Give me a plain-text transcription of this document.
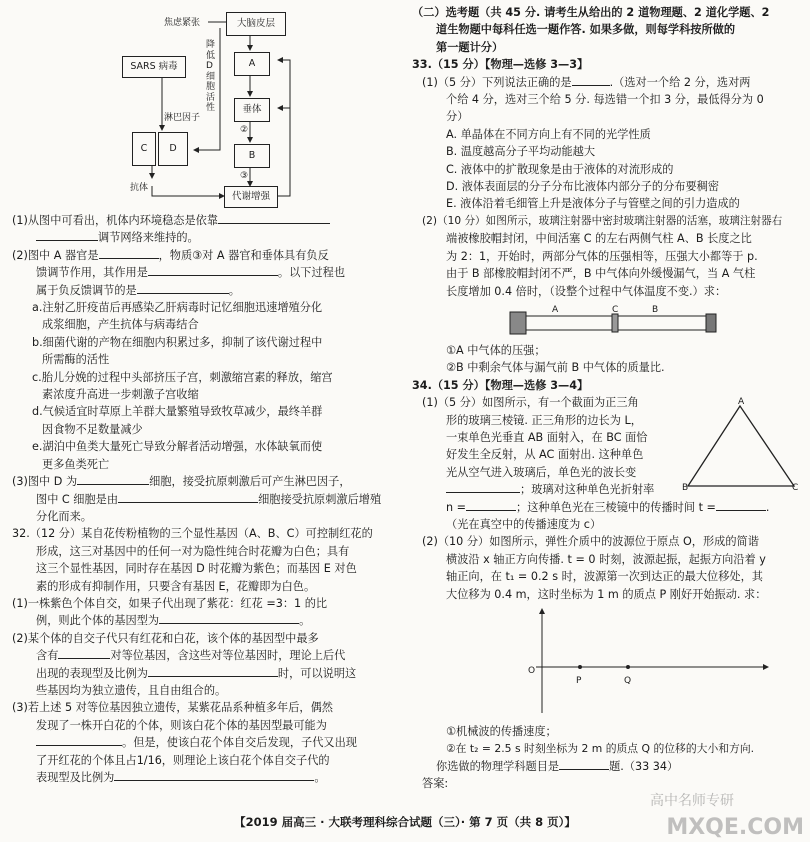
大脑皮层
焦虑紧张
A
垂体
B
代谢增强
②
③
降低D细胞活性
SARS 病毒
C	D
淋巴因子
抗体

(1)从图中可看出，机体内环境稳态是依靠

调节网络来维持的。

(2)图中 A 器官是	，物质③对 A 器官和垂体具有负反

馈调节作用，其作用是	。以下过程也

属于负反馈调节的是	。

a.注射乙肝疫苗后再感染乙肝病毒时记忆细胞迅速增殖分化

成浆细胞，产生抗体与病毒结合

b.细菌代谢的产物在细胞内积累过多，抑制了该代谢过程中

所需酶的活性

c.胎儿分娩的过程中头部挤压子宫，刺激缩宫素的释放，缩宫

素浓度升高进一步刺激子宫收缩

d.气候适宜时草原上羊群大量繁殖导致牧草减少，最终羊群

因食物不足数量减少

e.湖泊中鱼类大量死亡导致分解者活动增强，水体缺氧而使

更多鱼类死亡

(3)图中 D 为	细胞，接受抗原刺激后可产生淋巴因子，

图中 C 细胞是由	细胞接受抗原刺激后增殖

分化而来。

32.（12 分）某自花传粉植物的三个显性基因（A、B、C）可控制红花的

形成，这三对基因中的任何一对为隐性纯合时花瓣为白色；具有

这三个显性基因，同时存在基因 D 时花瓣为紫色；而基因 E 对色

素的形成有抑制作用，只要含有基因 E，花瓣即为白色。

(1)一株紫色个体自交，如果子代出现了紫花：红花 =3：1 的比

例，则此个体的基因型为	。

(2)某个体的自交子代只有红花和白花，该个体的基因型中最多

含有	对等位基因，含这些对等位基因时，理论上后代

出现的表现型及比例为	时，可以说明这

些基因均为独立遗传，且自由组合的。

(3)若上述 5 对等位基因独立遗传，某紫花品系种植多年后，偶然

发现了一株开白花的个体，则该白花个体的基因型最可能为

。但是，使该白花个体自交后发现，子代又出现

了开红花的个体且占1/16，则理论上该白花个体自交子代的

表现型及比例为	。

（二）选考题（共 45 分. 请考生从给出的 2 道物理题、2 道化学题、2

道生物题中每科任选一题作答. 如果多做，则每学科按所做的

第一题计分）

33.（15 分）【物理—选修 3—3】

(1)（5 分）下列说法正确的是	.（选对一个给 2 分，选对两

个给 4 分，选对三个给 5 分. 每选错一个扣 3 分，最低得分为 0

分）

A. 单晶体在不同方向上有不同的光学性质

B. 温度越高分子平均动能越大

C. 液体中的扩散现象是由于液体的对流形成的

D. 液体表面层的分子分布比液体内部分子的分布要稠密

E. 液体沿着毛细管上升是液体分子与管壁之间的引力造成的

(2)（10 分）如图所示，玻璃注射器中密封玻璃注射器的活塞，玻璃注射器右

端被橡胶帽封闭，中间活塞 C 的左右两侧气柱 A、B 长度之比

为 2：1，开始时，两部分气体的压强相等，压强大小都等于 p.

由于 B 部橡胶帽封闭不严，B 中气体向外缓慢漏气，当 A 气柱

长度增加 0.4 倍时，（设整个过程中气体温度不变.）求：

A	C	B

①A 中气体的压强；

②B 中剩余气体与漏气前 B 中气体的质量比.

34.（15 分）【物理—选修 3—4】

A
B	C

(1)（5 分）如图所示，有一个截面为正三角

形的玻璃三棱镜. 正三角形的边长为 L，

一束单色光垂直 AB 面射入，在 BC 面恰

好发生全反射，从 AC 面射出. 这种单色

光从空气进入玻璃后，单色光的波长变

；玻璃对这种单色光折射率

n =	；这种单色光在三棱镜中的传播时间 t =	.

（光在真空中的传播速度为 c）

(2)（10 分）如图所示，弹性介质中的波源位于原点 O，形成的简谐

横波沿 x 轴正方向传播. t = 0 时刻，波源起振，起振方向沿着 y

轴正向，在 t₁ = 0.2 s 时，波源第一次到达正的最大位移处，其

大位移为 0.4 m，这时坐标为 1 m 的质点 P 刚好开始振动. 求：

O
P	Q

①机械波的传播速度；

②在 t₂ = 2.5 s 时刻坐标为 2 m 的质点 Q 的位移的大小和方向.

你选做的物理学科题目是	题.（33 34）

答案:

高中名师专研
【2019 届高三 · 大联考理科综合试题（三）· 第 7 页（共 8 页）】	MXQE.COM
